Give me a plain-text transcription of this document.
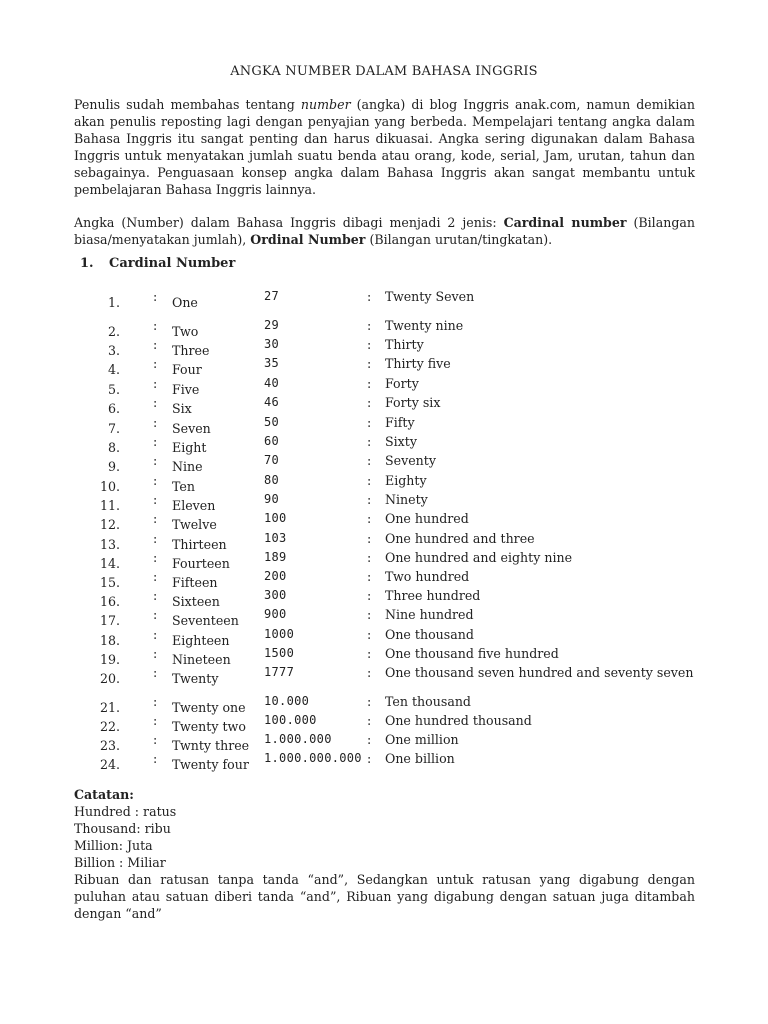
ANGKA NUMBER DALAM BAHASA INGGRIS
Penulis sudah membahas tentang number (angka) di blog Inggris anak.com, namun demikian akan penulis reposting lagi dengan penyajian yang berbeda. Mempelajari tentang angka dalam Bahasa Inggris itu sangat penting dan harus dikuasai. Angka sering digunakan dalam Bahasa Inggris untuk menyatakan jumlah suatu benda atau orang, kode, serial, Jam, urutan, tahun dan sebagainya. Penguasaan konsep angka dalam Bahasa Inggris akan sangat membantu untuk pembelajaran Bahasa Inggris lainnya.
Angka (Number) dalam Bahasa Inggris dibagi menjadi 2 jenis: Cardinal number (Bilangan biasa/menyatakan jumlah), Ordinal Number (Bilangan urutan/tingkatan).
1. Cardinal Number
1.	: One	27	: Twenty Seven
2.	: Two	29	: Twenty nine
3.	: Three	30	: Thirty
4.	: Four	35	: Thirty five
5.	: Five	40	: Forty
6.	: Six	46	: Forty six
7.	: Seven	50	: Fifty
8.	: Eight	60	: Sixty
9.	: Nine	70	: Seventy
10.	: Ten	80	: Eighty
11.	: Eleven	90	: Ninety
12.	: Twelve	100	: One hundred
13.	: Thirteen	103	: One hundred and three
14.	: Fourteen	189	: One hundred and eighty nine
15.	: Fifteen	200	: Two hundred
16.	: Sixteen	300	: Three hundred
17.	: Seventeen 900	: Nine hundred
18.	: Eighteen	1000	: One thousand
19.	: Nineteen	1500	: One thousand five hundred
20.	: Twenty	1777	: One thousand seven hundred and seventy seven
21.	: Twenty one 10.000	: Ten thousand
22.	: Twenty two 100.000	: One hundred thousand
23.	: Twnty three 1.000.000	: One million
24.	: Twenty four 1.000.000.000 : One billion
Catatan:
Hundred : ratus
Thousand: ribu
Million: Juta
Billion : Miliar
Ribuan dan ratusan tanpa tanda “and”, Sedangkan untuk ratusan yang digabung dengan puluhan atau satuan diberi tanda “and”, Ribuan yang digabung dengan satuan juga ditambah dengan “and”
